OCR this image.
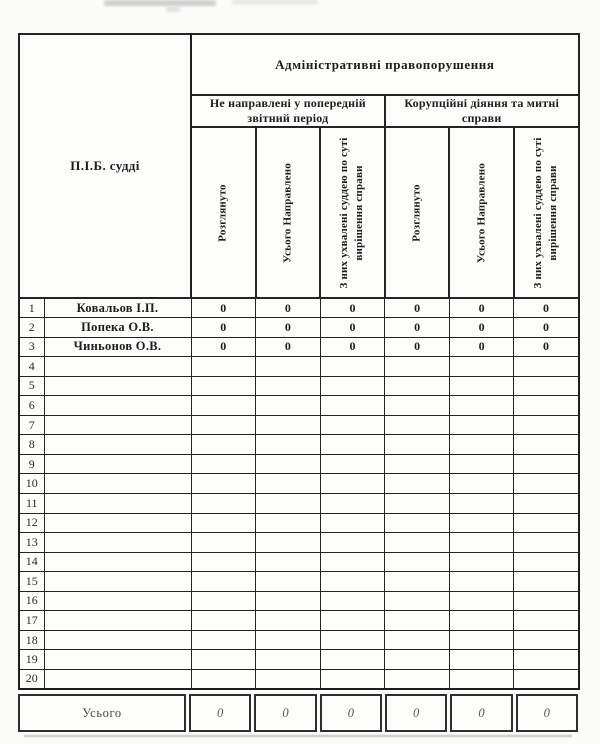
П.І.Б. судді		Адміністративні правопорушення					
		Не направлені у попередній звітний період			Корупційні діяння та митні справи		

		Розглянуто	Усього Направлено	З них ухвалені суддею по суті вирішення справи	Розглянуто	Усього Направлено	З них ухвалені суддею по суті вирішення справи

1	Ковальов І.П.	0	0	0	0	0	0
2	Попека О.В.	0	0	0	0	0	0
3	Чиньонов О.В.	0	0	0	0	0	0
4							
5							
6							
7							
8							
9							
10							
11							
12							
13							
14							
15							
16							
17							
18							
19							
20							
Усього	0	0	0	0	0	0
